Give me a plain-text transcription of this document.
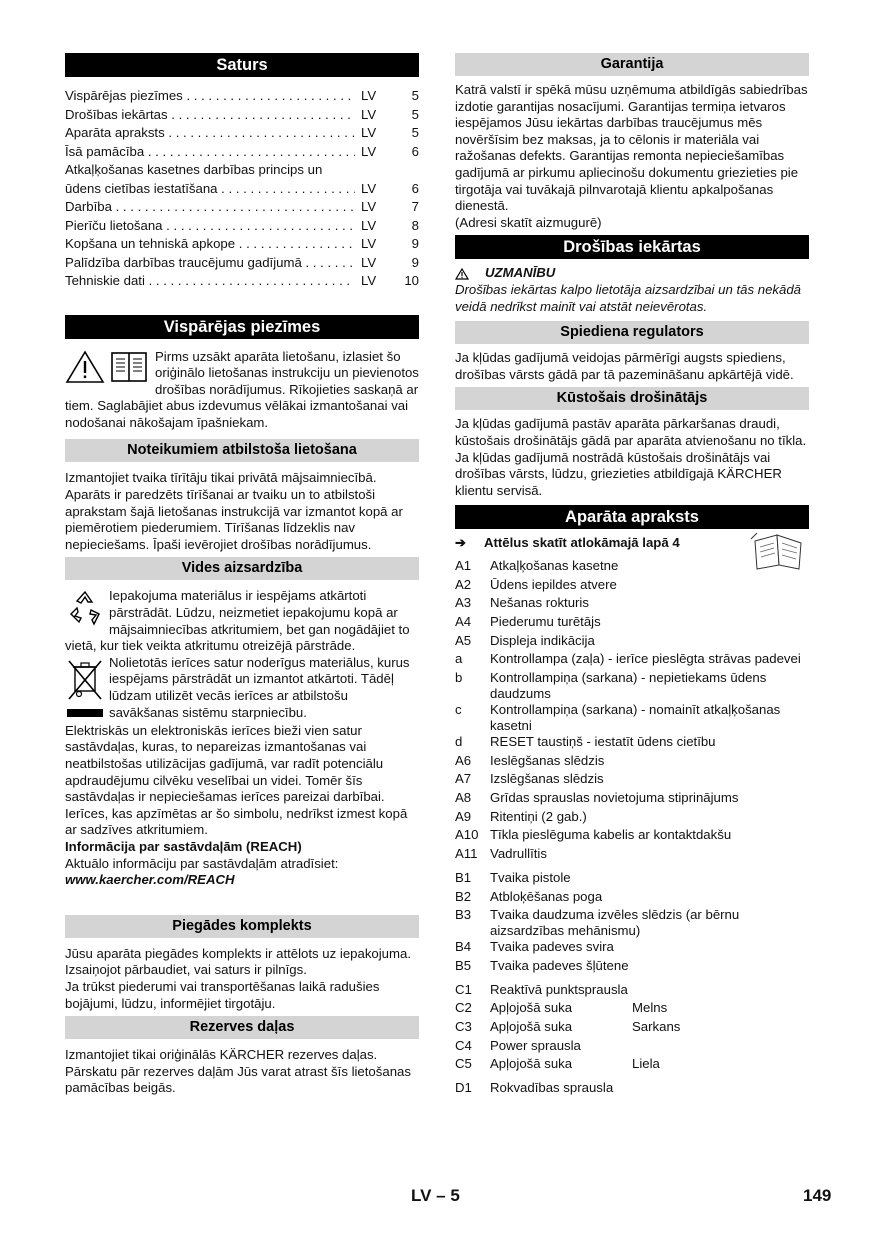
Saturs
Vispārējas piezīmes . . .	LV	5
Drošības iekārtas . . .	LV	5
Aparāta apraksts . . .	LV	5
Īsā pamācība . . .	LV	6
Atkaļķošanas kasetnes darbības princips un
ūdens cietības iestatīšana . . .	LV	6
Darbība . . .	LV	7
Pierīču lietošana . . .	LV	8
Kopšana un tehniskā apkope . . .	LV	9
Palīdzība darbības traucējumu gadījumā . . .	LV	9
Tehniskie dati . . .	LV	10
Vispārējas piezīmes

Pirms uzsākt aparāta lietošanu, izlasiet šo oriģinālo lietošanas instrukciju un pievienotos drošības norādījumus. Rīkojieties saskaņā ar tiem. Saglabājiet abus izdevumus vēlākai izmantošanai vai nodošanai nākošajam īpašniekam.

Noteikumiem atbilstoša lietošana

Izmantojiet tvaika tīrītāju tikai privātā mājsaimniecībā. Aparāts ir paredzēts tīrīšanai ar tvaiku un to atbilstoši aprakstam šajā lietošanas instrukcijā var izmantot kopā ar piemērotiem piederumiem. Tīrīšanas līdzeklis nav nepieciešams. Īpaši ievērojiet drošības norādījumus.

Vides aizsardzība

Iepakojuma materiālus ir iespējams atkārtoti pārstrādāt. Lūdzu, neizmetiet iepakojumu kopā ar mājsaimniecības atkritumiem, bet gan nogādājiet to vietā, kur tiek veikta atkritumu otreizējā pārstrāde.

Nolietotās ierīces satur noderīgus materiālus, kurus iespējams pārstrādāt un izmantot atkārtoti. Tādēļ lūdzam utilizēt vecās ierīces ar atbilstošu savākšanas sistēmu starpniecību.

Elektriskās un elektroniskās ierīces bieži vien satur sastāvdaļas, kuras, to nepareizas izmantošanas vai neatbilstošas utilizācijas gadījumā, var radīt potenciālu apdraudējumu cilvēku veselībai un videi. Tomēr šīs sastāvdaļas ir nepieciešamas ierīces pareizai darbībai. Ierīces, kas apzīmētas ar šo simbolu, nedrīkst izmest kopā ar sadzīves atkritumiem.

Informācija par sastāvdaļām (REACH)

Aktuālo informāciju par sastāvdaļām atradīsiet:

www.kaercher.com/REACH

Piegādes komplekts

Jūsu aparāta piegādes komplekts ir attēlots uz iepakojuma. Izsaiņojot pārbaudiet, vai saturs ir pilnīgs.

Ja trūkst piederumi vai transportēšanas laikā radušies bojājumi, lūdzu, informējiet tirgotāju.

Rezerves daļas

Izmantojiet tikai oriģinālās KÄRCHER rezerves daļas. Pārskatu pār rezerves daļām Jūs varat atrast šīs lietošanas pamācības beigās.

Garantija

Katrā valstī ir spēkā mūsu uzņēmuma atbildīgās sabiedrības izdotie garantijas nosacījumi. Garantijas termiņa ietvaros iespējamos Jūsu iekārtas darbības traucējumus mēs novēršīsim bez maksas, ja to cēlonis ir materiāla vai ražošanas defekts. Garantijas remonta nepieciešamības gadījumā ar pirkumu apliecinošu dokumentu griezieties pie tirgotāja vai tuvākajā pilnvarotajā klientu apkalpošanas dienestā.

(Adresi skatīt aizmugurē)

Drošības iekārtas
UZMANĪBU

Drošības iekārtas kalpo lietotāja aizsardzībai un tās nekādā veidā nedrīkst mainīt vai atstāt neievērotas.

Spiediena regulators

Ja kļūdas gadījumā veidojas pārmērīgi augsts spiediens, drošības vārsts gādā par tā pazemināšanu apkārtējā vidē.

Kūstošais drošinātājs

Ja kļūdas gadījumā pastāv aparāta pārkaršanas draudi, kūstošais drošinātājs gādā par aparāta atvienošanu no tīkla.

Ja kļūdas gadījumā nostrādā kūstošais drošinātājs vai drošības vārsts, lūdzu, griezieties atbildīgajā KÄRCHER klientu servisā.

Aparāta apraksts
➔ Attēlus skatīt atlokāmajā lapā 4
A1	Atkaļķošanas kasetne
A2	Ūdens iepildes atvere
A3	Nešanas rokturis
A4	Piederumu turētājs
A5	Displeja indikācija
a	Kontrollampa (zaļa) - ierīce pieslēgta strāvas padevei
b	Kontrollampiņa (sarkana) - nepietiekams ūdens daudzums
c	Kontrollampiņa (sarkana) - nomainīt atkaļķošanas kasetni
d	RESET taustiņš - iestatīt ūdens cietību
A6	Ieslēgšanas slēdzis
A7	Izslēgšanas slēdzis
A8	Grīdas sprauslas novietojuma stiprinājums
A9	Ritentiņi (2 gab.)
A10 Tīkla pieslēguma kabelis ar kontaktdakšu
A11 Vadrullītis
B1	Tvaika pistole
B2	Atbloķēšanas poga
B3	Tvaika daudzuma izvēles slēdzis (ar bērnu aizsardzības mehānismu)
B4	Tvaika padeves svira
B5	Tvaika padeves šļūtene
C1	Reaktīvā punktsprausla
C2	Apļojošā suka	Melns
C3	Apļojošā suka	Sarkans
C4	Power sprausla
C5	Apļojošā suka	Liela
D1	Rokvadības sprausla
LV – 5	149
